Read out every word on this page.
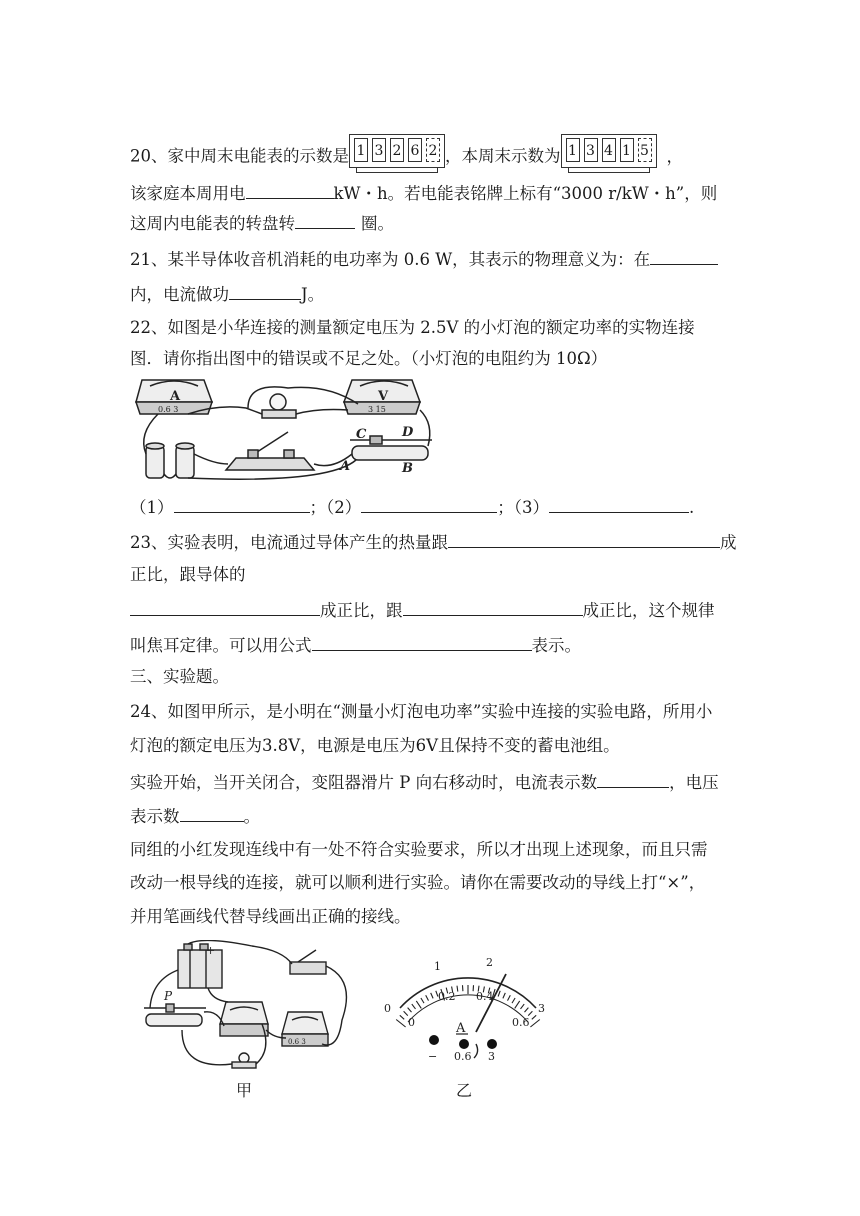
20、家中周末电能表的示数是 1 3 2 6 2 ，本周末示数为 1 3 4 1 5 ，
该家庭本周用电	kW・h。若电能表铭牌上标有“3000 r/kW・h”，则
这周内电能表的转盘转	圈。
21、某半导体收音机消耗的电功率为 0.6 W，其表示的物理意义为：在
内，电流做功	J。
22、如图是小华连接的测量额定电压为 2.5V 的小灯泡的额定功率的实物连接
图．请你指出图中的错误或不足之处。（小灯泡的电阻约为 10Ω）
A
0.6 3
V
3 15
C	D
A	B
（1）	；（2）	；（3）	.
23、实验表明，电流通过导体产生的热量跟	成
正比，跟导体的
成正比，跟	成正比，这个规律
叫焦耳定律。可以用公式	表示。
三、实验题。
24、如图甲所示，是小明在“测量小灯泡电功率”实验中连接的实验电路，所用小
灯泡的额定电压为3.8V，电源是电压为6V且保持不变的蓄电池组。
实验开始，当开关闭合，变阻器滑片 P 向右移动时，电流表示数	，电压
表示数	。
同组的小红发现连线中有一处不符合实验要求，所以才出现上述现象，而且只需
改动一根导线的连接，就可以顺利进行实验。请你在需要改动的导线上打“×”，
并用笔画线代替导线画出正确的接线。
P
+
0.6 3
甲
0
1	2
3
0
0.2 0.4
0.6
A
− 0.6 3
乙
